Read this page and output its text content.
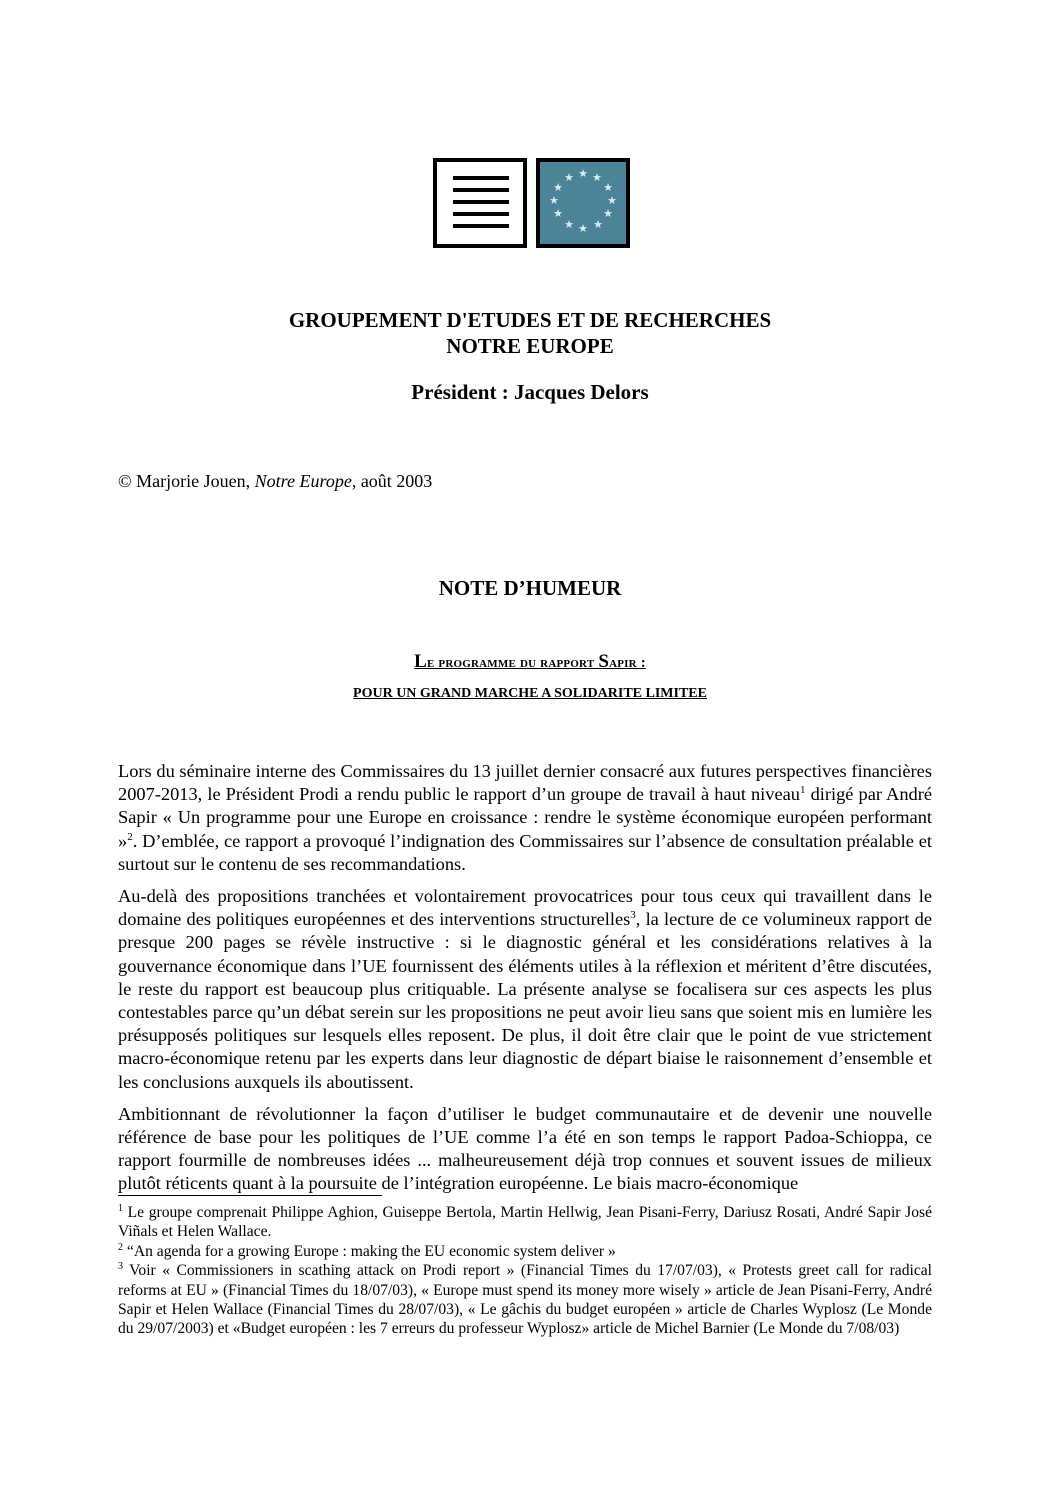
★ ★
★
★
★
★
★
★
★
★
★
★
GROUPEMENT D'ETUDES ET DE RECHERCHES
NOTRE EUROPE
Président : Jacques Delors
© Marjorie Jouen, Notre Europe, août 2003
NOTE D’HUMEUR
Le programme du rapport Sapir :
POUR UN GRAND MARCHE A SOLIDARITE LIMITEE

Lors du séminaire interne des Commissaires du 13 juillet dernier consacré aux futures perspectives financières 2007-2013, le Président Prodi a rendu public le rapport d’un groupe de travail à haut niveau$^1$ dirigé par André Sapir « Un programme pour une Europe en croissance : rendre le système économique européen performant »$^2$. D’emblée, ce rapport a provoqué l’indignation des Commissaires sur l’absence de consultation préalable et surtout sur le contenu de ses recommandations.

Au-delà des propositions tranchées et volontairement provocatrices pour tous ceux qui travaillent dans le domaine des politiques européennes et des interventions structurelles$^3$, la lecture de ce volumineux rapport de presque 200 pages se révèle instructive : si le diagnostic général et les considérations relatives à la gouvernance économique dans l’UE fournissent des éléments utiles à la réflexion et méritent d’être discutées, le reste du rapport est beaucoup plus critiquable. La présente analyse se focalisera sur ces aspects les plus contestables parce qu’un débat serein sur les propositions ne peut avoir lieu sans que soient mis en lumière les présupposés politiques sur lesquels elles reposent. De plus, il doit être clair que le point de vue strictement macro-économique retenu par les experts dans leur diagnostic de départ biaise le raisonnement d’ensemble et les conclusions auxquels ils aboutissent.

Ambitionnant de révolutionner la façon d’utiliser le budget communautaire et de devenir une nouvelle référence de base pour les politiques de l’UE comme l’a été en son temps le rapport Padoa-Schioppa, ce rapport fourmille de nombreuses idées ... malheureusement déjà trop connues et souvent issues de milieux plutôt réticents quant à la poursuite de l’intégration européenne. Le biais macro-économique

$^1$ Le groupe comprenait Philippe Aghion, Guiseppe Bertola, Martin Hellwig, Jean Pisani-Ferry, Dariusz Rosati, André Sapir José Viñals et Helen Wallace.

$^2$ “An agenda for a growing Europe : making the EU economic system deliver »

$^3$ Voir « Commissioners in scathing attack on Prodi report » (Financial Times du 17/07/03), « Protests greet call for radical reforms at EU » (Financial Times du 18/07/03), « Europe must spend its money more wisely » article de Jean Pisani-Ferry, André Sapir et Helen Wallace (Financial Times du 28/07/03), « Le gâchis du budget européen » article de Charles Wyplosz (Le Monde du 29/07/2003) et «Budget européen : les 7 erreurs du professeur Wyplosz» article de Michel Barnier (Le Monde du 7/08/03)
